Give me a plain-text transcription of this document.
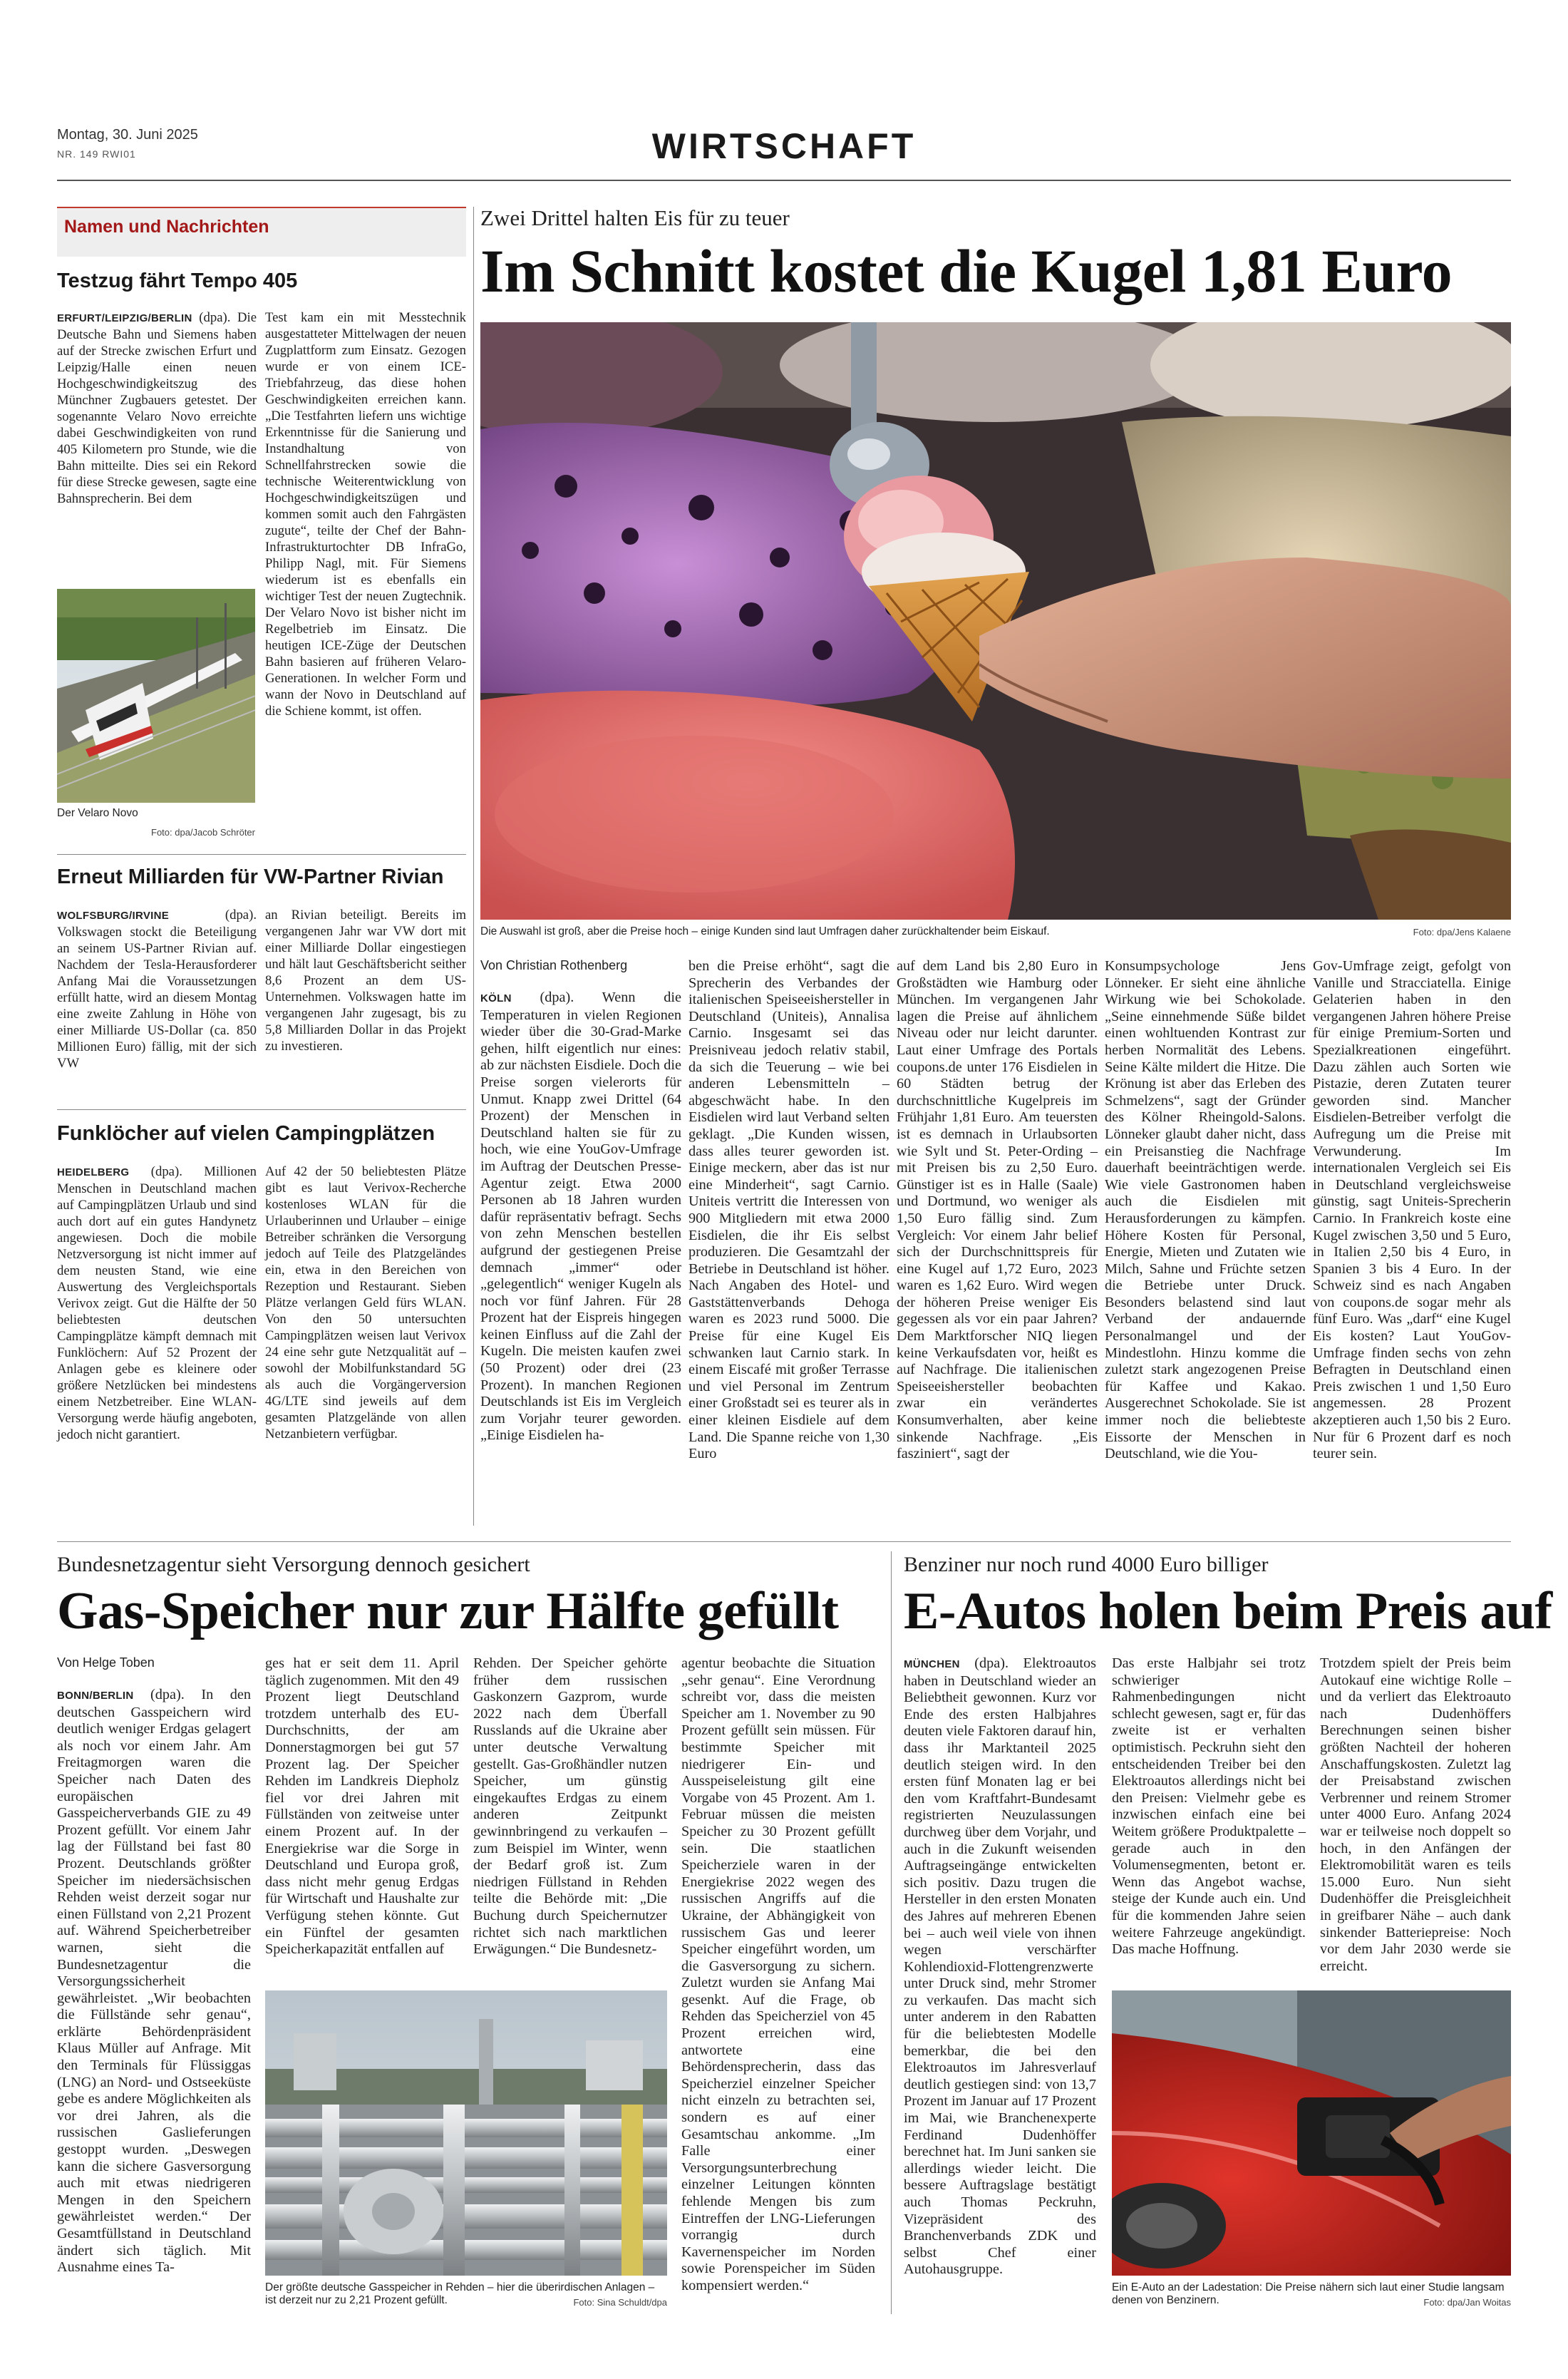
Montag, 30. Juni 2025
NR. 149 RWI01	WIRTSCHAFT
Namen und Nachrichten
Testzug fährt Tempo 405
ERFURT/LEIPZIG/BERLIN (dpa). Die Deutsche Bahn und Siemens haben auf der Strecke zwischen Erfurt und Leipzig/Halle einen neuen Hochgeschwindigkeitszug des Münchner Zugbauers getestet. Der sogenannte Velaro Novo erreichte dabei Geschwindigkeiten von rund 405 Kilometern pro Stunde, wie die Bahn mitteilte. Dies sei ein Rekord für diese Strecke gewesen, sagte eine Bahnsprecherin. Bei dem
Der Velaro Novo
Foto: dpa/Jacob Schröter
Test kam ein mit Messtechnik ausgestatteter Mittelwagen der neuen Zugplattform zum Einsatz. Gezogen wurde er von einem ICE-Triebfahrzeug, das diese hohen Geschwindigkeiten erreichen kann. „Die Testfahrten liefern uns wichtige Erkenntnisse für die Sanierung und Instandhaltung von Schnellfahrstrecken sowie die technische Weiterentwicklung von Hochgeschwindigkeitszügen und kommen somit auch den Fahrgästen zugute“, teilte der Chef der Bahn-Infrastrukturtochter DB InfraGo, Philipp Nagl, mit. Für Siemens wiederum ist es ebenfalls ein wichtiger Test der neuen Zugtechnik. Der Velaro Novo ist bisher nicht im Regelbetrieb im Einsatz. Die heutigen ICE-Züge der Deutschen Bahn basieren auf früheren Velaro-Generationen. In welcher Form und wann der Novo in Deutschland auf die Schiene kommt, ist offen.
Erneut Milliarden für VW-Partner Rivian
WOLFSBURG/IRVINE	(dpa). Volkswagen stockt die Beteiligung an seinem US-Partner Rivian auf. Nachdem der Tesla-Herausforderer Anfang Mai die Voraussetzungen erfüllt hatte, wird an diesem Montag eine zweite Zahlung in Höhe von einer Milliarde US-Dollar (ca. 850 Millionen Euro) fällig, mit der sich VW
an Rivian beteiligt. Bereits im vergangenen Jahr war VW dort mit einer Milliarde Dollar eingestiegen und hält laut Geschäftsbericht seither 8,6 Prozent an dem US-Unternehmen. Volkswagen hatte im vergangenen Jahr zugesagt, bis zu 5,8 Milliarden Dollar in das Projekt zu investieren.
Funklöcher auf vielen Campingplätzen
HEIDELBERG (dpa). Millionen Menschen in Deutschland machen auf Campingplätzen Urlaub und sind auch dort auf ein gutes Handynetz angewiesen. Doch die mobile Netzversorgung ist nicht immer auf dem neusten Stand, wie eine Auswertung des Vergleichsportals Verivox zeigt. Gut die Hälfte der 50 beliebtesten deutschen Campingplätze kämpft demnach mit Funklöchern: Auf 52 Prozent der Anlagen gebe es kleinere oder größere Netzlücken bei mindestens einem Netzbetreiber. Eine WLAN-Versorgung werde häufig angeboten, jedoch nicht garantiert.
Auf 42 der 50 beliebtesten Plätze gibt es laut Verivox-Recherche kostenloses WLAN für die Urlauberinnen und Urlauber – einige Betreiber schränken die Versorgung jedoch auf Teile des Platzgeländes ein, etwa in den Bereichen von Rezeption und Restaurant. Sieben Plätze verlangen Geld fürs WLAN. Von den 50 untersuchten Campingplätzen weisen laut Verivox 24 eine sehr gute Netzqualität auf – sowohl der Mobilfunkstandard 5G als auch die Vorgängerversion 4G/LTE sind jeweils auf dem gesamten Platzgelände von allen Netzanbietern verfügbar.
Zwei Drittel halten Eis für zu teuer
Im Schnitt kostet die Kugel 1,81 Euro
Die Auswahl ist groß, aber die Preise hoch – einige Kunden sind laut Umfragen daher zurückhaltender beim Eiskauf.	Foto: dpa/Jens Kalaene
Von Christian Rothenberg
KÖLN (dpa). Wenn die Temperaturen in vielen Regionen wieder über die 30-Grad-Marke gehen, hilft eigentlich nur eines: ab zur nächsten Eisdiele. Doch die Preise sorgen vielerorts für Unmut. Knapp zwei Drittel (64 Prozent) der Menschen in Deutschland halten sie für zu hoch, wie eine YouGov-Umfrage im Auftrag der Deutschen Presse-Agentur zeigt. Etwa 2000 Personen ab 18 Jahren wurden dafür repräsentativ befragt. Sechs von zehn Menschen bestellen aufgrund der gestiegenen Preise demnach „immer“ oder „gelegentlich“ weniger Kugeln als noch vor fünf Jahren. Für 28 Prozent hat der Eispreis hingegen keinen Einfluss auf die Zahl der Kugeln. Die meisten kaufen zwei (50 Prozent) oder drei (23 Prozent). In manchen Regionen Deutschlands ist Eis im Vergleich zum Vorjahr teurer geworden. „Einige Eisdielen ha-
ben die Preise erhöht“, sagt die Sprecherin des Verbandes der italienischen Speiseeishersteller in Deutschland (Uniteis), Annalisa Carnio. Insgesamt sei das Preisniveau jedoch relativ stabil, da sich die Teuerung – wie bei anderen Lebensmitteln – abgeschwächt habe. In den Eisdielen wird laut Verband selten geklagt. „Die Kunden wissen, dass alles teurer geworden ist. Einige meckern, aber das ist nur eine Minderheit“, sagt Carnio. Uniteis vertritt die Interessen von 900 Mitgliedern mit etwa 2000 Eisdielen, die ihr Eis selbst produzieren. Die Gesamtzahl der Betriebe in Deutschland ist höher. Nach Angaben des Hotel- und Gaststättenverbands Dehoga waren es 2023 rund 5000. Die Preise für eine Kugel Eis schwanken laut Carnio stark. In einem Eiscafé mit großer Terrasse und viel Personal im Zentrum einer Großstadt sei es teurer als in einer kleinen Eisdiele auf dem Land. Die Spanne reiche von 1,30 Euro
auf dem Land bis 2,80 Euro in Großstädten wie Hamburg oder München. Im vergangenen Jahr lagen die Preise auf ähnlichem Niveau oder nur leicht darunter. Laut einer Umfrage des Portals coupons.de unter 176 Eisdielen in 60 Städten betrug der durchschnittliche Kugelpreis im Frühjahr 1,81 Euro. Am teuersten ist es demnach in Urlaubsorten wie Sylt und St. Peter-Ording – mit Preisen bis zu 2,50 Euro. Günstiger ist es in Halle (Saale) und Dortmund, wo weniger als 1,50 Euro fällig sind. Zum Vergleich: Vor einem Jahr belief sich der Durchschnittspreis für eine Kugel auf 1,72 Euro, 2023 waren es 1,62 Euro. Wird wegen der höheren Preise weniger Eis gegessen als vor ein paar Jahren? Dem Marktforscher NIQ liegen keine Verkaufsdaten vor, heißt es auf Nachfrage. Die italienischen Speiseeishersteller beobachten zwar ein verändertes Konsumverhalten, aber keine sinkende Nachfrage. „Eis fasziniert“, sagt der
Konsumpsychologe Jens Lönneker. Er sieht eine ähnliche Wirkung wie bei Schokolade. „Seine einnehmende Süße bildet einen wohltuenden Kontrast zur herben Normalität des Lebens. Seine Kälte mildert die Hitze. Die Krönung ist aber das Erleben des Schmelzens“, sagt der Gründer des Kölner Rheingold-Salons. Lönneker glaubt daher nicht, dass ein Preisanstieg die Nachfrage dauerhaft beeinträchtigen werde. Wie viele Gastronomen haben auch die Eisdielen mit Herausforderungen zu kämpfen. Höhere Kosten für Personal, Energie, Mieten und Zutaten wie Milch, Sahne und Früchte setzen die Betriebe unter Druck. Besonders belastend sind laut Verband der andauernde Personalmangel und der Mindestlohn. Hinzu komme die zuletzt stark angezogenen Preise für Kaffee und Kakao. Ausgerechnet Schokolade. Sie ist immer noch die beliebteste Eissorte der Menschen in Deutschland, wie die You-
Gov-Umfrage zeigt, gefolgt von Vanille und Stracciatella. Einige Gelaterien haben in den vergangenen Jahren höhere Preise für einige Premium-Sorten und Spezialkreationen eingeführt. Dazu zählen auch Sorten wie Pistazie, deren Zutaten teurer geworden sind. Mancher Eisdielen-Betreiber verfolgt die Aufregung um die Preise mit Verwunderung. Im internationalen Vergleich sei Eis in Deutschland vergleichsweise günstig, sagt Uniteis-Sprecherin Carnio. In Frankreich koste eine Kugel zwischen 3,50 und 5 Euro, in Italien 2,50 bis 4 Euro, in Spanien 3 bis 4 Euro. In der Schweiz sind es nach Angaben von coupons.de sogar mehr als fünf Euro. Was „darf“ eine Kugel Eis kosten? Laut YouGov-Umfrage finden sechs von zehn Befragten in Deutschland einen Preis zwischen 1 und 1,50 Euro angemessen. 28 Prozent akzeptieren auch 1,50 bis 2 Euro. Nur für 6 Prozent darf es noch teurer sein.
Bundesnetzagentur sieht Versorgung dennoch gesichert
Gas-Speicher nur zur Hälfte gefüllt
Von Helge Toben
BONN/BERLIN (dpa). In den deutschen Gasspeichern wird deutlich weniger Erdgas gelagert als noch vor einem Jahr. Am Freitagmorgen waren die Speicher nach Daten des europäischen Gasspeicherverbands GIE zu 49 Prozent gefüllt. Vor einem Jahr lag der Füllstand bei fast 80 Prozent. Deutschlands größter Speicher im niedersächsischen Rehden weist derzeit sogar nur einen Füllstand von 2,21 Prozent auf. Während Speicherbetreiber warnen, sieht die Bundesnetzagentur die Versorgungssicherheit gewährleistet. „Wir beobachten die Füllstände sehr genau“, erklärte Behördenpräsident Klaus Müller auf Anfrage. Mit den Terminals für Flüssiggas (LNG) an Nord- und Ostseeküste gebe es andere Möglichkeiten als vor drei Jahren, als die russischen Gaslieferungen gestoppt wurden. „Deswegen kann die sichere Gasversorgung auch mit etwas niedrigeren Mengen in den Speichern gewährleistet werden.“ Der Gesamtfüllstand in Deutschland ändert sich täglich. Mit Ausnahme eines Ta-
ges hat er seit dem 11. April täglich zugenommen. Mit den 49 Prozent liegt Deutschland trotzdem unterhalb des EU-Durchschnitts, der am Donnerstagmorgen bei gut 57 Prozent lag. Der Speicher Rehden im Landkreis Diepholz fiel vor drei Jahren mit Füllständen von zeitweise unter einem Prozent auf. In der Energiekrise war die Sorge in Deutschland und Europa groß, dass nicht mehr genug Erdgas für Wirtschaft und Haushalte zur Verfügung stehen könnte. Gut ein Fünftel der gesamten Speicherkapazität entfallen auf
Rehden. Der Speicher gehörte früher dem russischen Gaskonzern Gazprom, wurde 2022 nach dem Überfall Russlands auf die Ukraine aber unter deutsche Verwaltung gestellt. Gas-Großhändler nutzen Speicher, um günstig eingekauftes Erdgas zu einem anderen Zeitpunkt gewinnbringend zu verkaufen – zum Beispiel im Winter, wenn der Bedarf groß ist. Zum niedrigen Füllstand in Rehden teilte die Behörde mit: „Die Buchung durch Speichernutzer richtet sich nach marktlichen Erwägungen.“ Die Bundesnetz-
agentur beobachte die Situation „sehr genau“. Eine Verordnung schreibt vor, dass die meisten Speicher am 1. November zu 90 Prozent gefüllt sein müssen. Für bestimmte Speicher mit niedrigerer Ein- und Ausspeiseleistung gilt eine Vorgabe von 45 Prozent. Am 1. Februar müssen die meisten Speicher zu 30 Prozent gefüllt sein. Die staatlichen Speicherziele waren in der Energiekrise 2022 wegen des russischen Angriffs auf die Ukraine, der Abhängigkeit von russischem Gas und leerer Speicher eingeführt worden, um die Gasversorgung zu sichern. Zuletzt wurden sie Anfang Mai gesenkt. Auf die Frage, ob Rehden das Speicherziel von 45 Prozent erreichen wird, antwortete eine Behördensprecherin, dass das Speicherziel einzelner Speicher nicht einzeln zu betrachten sei, sondern es auf einer Gesamtschau ankomme. „Im Falle einer Versorgungsunterbrechung einzelner Leitungen könnten fehlende Mengen bis zum Eintreffen der LNG-Lieferungen vorrangig durch Kavernenspeicher im Norden sowie Porenspeicher im Süden kompensiert werden.“
Der größte deutsche Gasspeicher in Rehden – hier die überirdischen Anlagen – ist derzeit nur zu 2,21 Prozent gefüllt.	Foto: Sina Schuldt/dpa
Benziner nur noch rund 4000 Euro billiger
E-Autos holen beim Preis auf
MÜNCHEN (dpa). Elektroautos haben in Deutschland wieder an Beliebtheit gewonnen. Kurz vor Ende des ersten Halbjahres deuten viele Faktoren darauf hin, dass ihr Marktanteil 2025 deutlich steigen wird. In den ersten fünf Monaten lag er bei den vom Kraftfahrt-Bundesamt registrierten Neuzulassungen durchweg über dem Vorjahr, und auch in die Zukunft weisenden Auftragseingänge entwickelten sich positiv. Dazu trugen die Hersteller in den ersten Monaten des Jahres auf mehreren Ebenen bei – auch weil viele von ihnen wegen verschärfter Kohlendioxid-Flottengrenzwerte unter Druck sind, mehr Stromer zu verkaufen. Das macht sich unter anderem in den Rabatten für die beliebtesten Modelle bemerkbar, die bei den Elektroautos im Jahresverlauf deutlich gestiegen sind: von 13,7 Prozent im Januar auf 17 Prozent im Mai, wie Branchenexperte Ferdinand Dudenhöffer berechnet hat. Im Juni sanken sie allerdings wieder leicht. Die bessere Auftragslage bestätigt auch Thomas Peckruhn, Vizepräsident des Branchenverbands ZDK und selbst Chef einer Autohausgruppe.
Das erste Halbjahr sei trotz schwieriger Rahmenbedingungen nicht schlecht gewesen, sagt er, für das zweite ist er verhalten optimistisch. Peckruhn sieht den entscheidenden Treiber bei den Elektroautos allerdings nicht bei den Preisen: Vielmehr gebe es inzwischen einfach eine bei Weitem größere Produktpalette – gerade auch in den Volumensegmenten, betont er. Wenn das Angebot wachse, steige der Kunde auch ein. Und für die kommenden Jahre seien weitere Fahrzeuge angekündigt. Das mache Hoffnung.
Trotzdem spielt der Preis beim Autokauf eine wichtige Rolle – und da verliert das Elektroauto nach Dudenhöffers Berechnungen seinen bisher größten Nachteil der hoheren Anschaffungskosten. Zuletzt lag der Preisabstand zwischen Verbrenner und reinem Stromer unter 4000 Euro. Anfang 2024 war er teilweise noch doppelt so hoch, in den Anfängen der Elektromobilität waren es teils 15.000 Euro. Nun sieht Dudenhöffer die Preisgleichheit in greifbarer Nähe – auch dank sinkender Batteriepreise: Noch vor dem Jahr 2030 werde sie erreicht.
Ein E-Auto an der Ladestation: Die Preise nähern sich laut einer Studie langsam denen von Benzinern.	Foto: dpa/Jan Woitas
